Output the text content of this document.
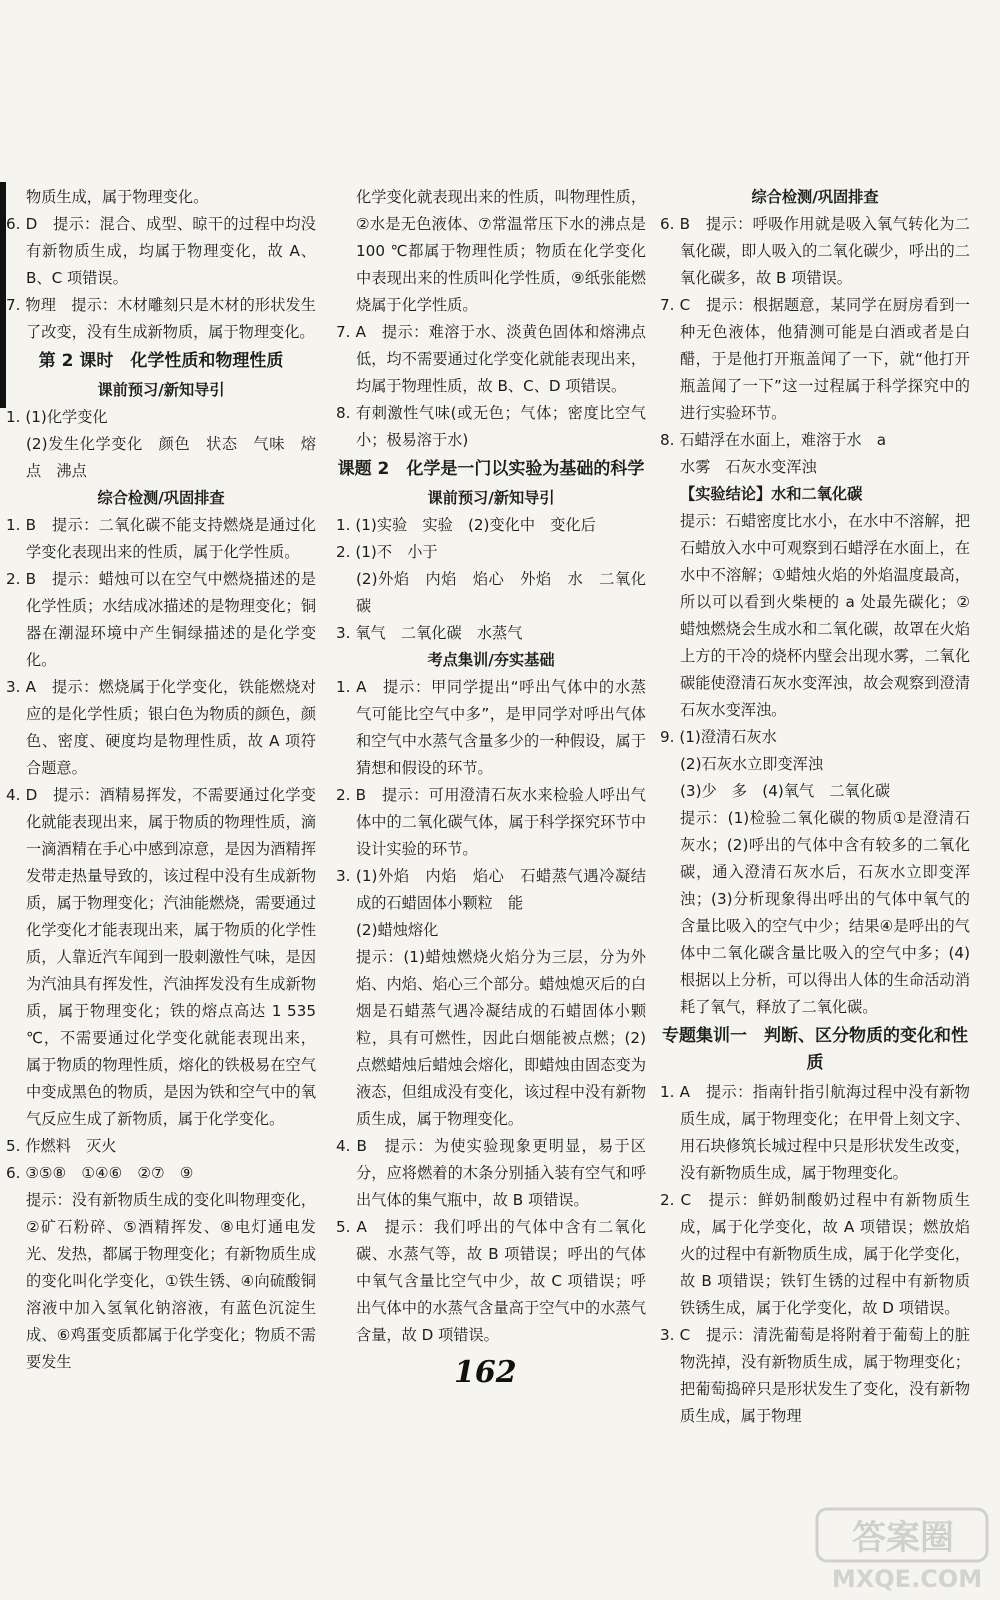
物质生成，属于物理变化。

6. D　提示：混合、成型、晾干的过程中均没有新物质生成，均属于物理变化，故 A、B、C 项错误。

7. 物理　提示：木材雕刻只是木材的形状发生了改变，没有生成新物质，属于物理变化。

第 2 课时　化学性质和物理性质

课前预习/新知导引

1. (1)化学变化

(2)发生化学变化　颜色　状态　气味　熔点　沸点

综合检测/巩固排查

1. B　提示：二氧化碳不能支持燃烧是通过化学变化表现出来的性质，属于化学性质。

2. B　提示：蜡烛可以在空气中燃烧描述的是化学性质；水结成冰描述的是物理变化；铜器在潮湿环境中产生铜绿描述的是化学变化。

3. A　提示：燃烧属于化学变化，铁能燃烧对应的是化学性质；银白色为物质的颜色，颜色、密度、硬度均是物理性质，故 A 项符合题意。

4. D　提示：酒精易挥发，不需要通过化学变化就能表现出来，属于物质的物理性质，滴一滴酒精在手心中感到凉意，是因为酒精挥发带走热量导致的，该过程中没有生成新物质，属于物理变化；汽油能燃烧，需要通过化学变化才能表现出来，属于物质的化学性质，人靠近汽车闻到一股刺激性气味，是因为汽油具有挥发性，汽油挥发没有生成新物质，属于物理变化；铁的熔点高达 1 535 ℃，不需要通过化学变化就能表现出来，属于物质的物理性质，熔化的铁极易在空气中变成黑色的物质，是因为铁和空气中的氧气反应生成了新物质，属于化学变化。

5. 作燃料　灭火

6. ③⑤⑧　①④⑥　②⑦　⑨

提示：没有新物质生成的变化叫物理变化，②矿石粉碎、⑤酒精挥发、⑧电灯通电发光、发热，都属于物理变化；有新物质生成的变化叫化学变化，①铁生锈、④向硫酸铜溶液中加入氢氧化钠溶液，有蓝色沉淀生成、⑥鸡蛋变质都属于化学变化；物质不需要发生

化学变化就表现出来的性质，叫物理性质，②水是无色液体、⑦常温常压下水的沸点是 100 ℃都属于物理性质；物质在化学变化中表现出来的性质叫化学性质，⑨纸张能燃烧属于化学性质。

7. A　提示：难溶于水、淡黄色固体和熔沸点低，均不需要通过化学变化就能表现出来，均属于物理性质，故 B、C、D 项错误。

8. 有刺激性气味(或无色；气体；密度比空气小；极易溶于水)

课题 2　化学是一门以实验为基础的科学

课前预习/新知导引

1. (1)实验　实验　(2)变化中　变化后

2. (1)不　小于

(2)外焰　内焰　焰心　外焰　水　二氧化碳

3. 氧气　二氧化碳　水蒸气

考点集训/夯实基础

1. A　提示：甲同学提出“呼出气体中的水蒸气可能比空气中多”，是甲同学对呼出气体和空气中水蒸气含量多少的一种假设，属于猜想和假设的环节。

2. B　提示：可用澄清石灰水来检验人呼出气体中的二氧化碳气体，属于科学探究环节中设计实验的环节。

3. (1)外焰　内焰　焰心　石蜡蒸气遇冷凝结成的石蜡固体小颗粒　能

(2)蜡烛熔化

提示：(1)蜡烛燃烧火焰分为三层，分为外焰、内焰、焰心三个部分。蜡烛熄灭后的白烟是石蜡蒸气遇冷凝结成的石蜡固体小颗粒，具有可燃性，因此白烟能被点燃；(2)点燃蜡烛后蜡烛会熔化，即蜡烛由固态变为液态，但组成没有变化，该过程中没有新物质生成，属于物理变化。

4. B　提示：为使实验现象更明显，易于区分，应将燃着的木条分别插入装有空气和呼出气体的集气瓶中，故 B 项错误。

5. A　提示：我们呼出的气体中含有二氧化碳、水蒸气等，故 B 项错误；呼出的气体中氧气含量比空气中少，故 C 项错误；呼出气体中的水蒸气含量高于空气中的水蒸气含量，故 D 项错误。

综合检测/巩固排查

6. B　提示：呼吸作用就是吸入氧气转化为二氧化碳，即人吸入的二氧化碳少，呼出的二氧化碳多，故 B 项错误。

7. C　提示：根据题意，某同学在厨房看到一种无色液体，他猜测可能是白酒或者是白醋，于是他打开瓶盖闻了一下，就“他打开瓶盖闻了一下”这一过程属于科学探究中的进行实验环节。

8. 石蜡浮在水面上，难溶于水　a

水雾　石灰水变浑浊

【实验结论】水和二氧化碳

提示：石蜡密度比水小，在水中不溶解，把石蜡放入水中可观察到石蜡浮在水面上，在水中不溶解；①蜡烛火焰的外焰温度最高，所以可以看到火柴梗的 a 处最先碳化；②蜡烛燃烧会生成水和二氧化碳，故罩在火焰上方的干冷的烧杯内壁会出现水雾，二氧化碳能使澄清石灰水变浑浊，故会观察到澄清石灰水变浑浊。

9. (1)澄清石灰水

(2)石灰水立即变浑浊

(3)少　多　(4)氧气　二氧化碳

提示：(1)检验二氧化碳的物质①是澄清石灰水；(2)呼出的气体中含有较多的二氧化碳，通入澄清石灰水后，石灰水立即变浑浊；(3)分析现象得出呼出的气体中氧气的含量比吸入的空气中少；结果④是呼出的气体中二氧化碳含量比吸入的空气中多；(4)根据以上分析，可以得出人体的生命活动消耗了氧气，释放了二氧化碳。

专题集训一　判断、区分物质的变化和性质

1. A　提示：指南针指引航海过程中没有新物质生成，属于物理变化；在甲骨上刻文字、用石块修筑长城过程中只是形状发生改变，没有新物质生成，属于物理变化。

2. C　提示：鲜奶制酸奶过程中有新物质生成，属于化学变化，故 A 项错误；燃放焰火的过程中有新物质生成，属于化学变化，故 B 项错误；铁钉生锈的过程中有新物质铁锈生成，属于化学变化，故 D 项错误。

3. C　提示：清洗葡萄是将附着于葡萄上的脏物洗掉，没有新物质生成，属于物理变化；把葡萄捣碎只是形状发生了变化，没有新物质生成，属于物理

162
答案圈
MXQE.COM
